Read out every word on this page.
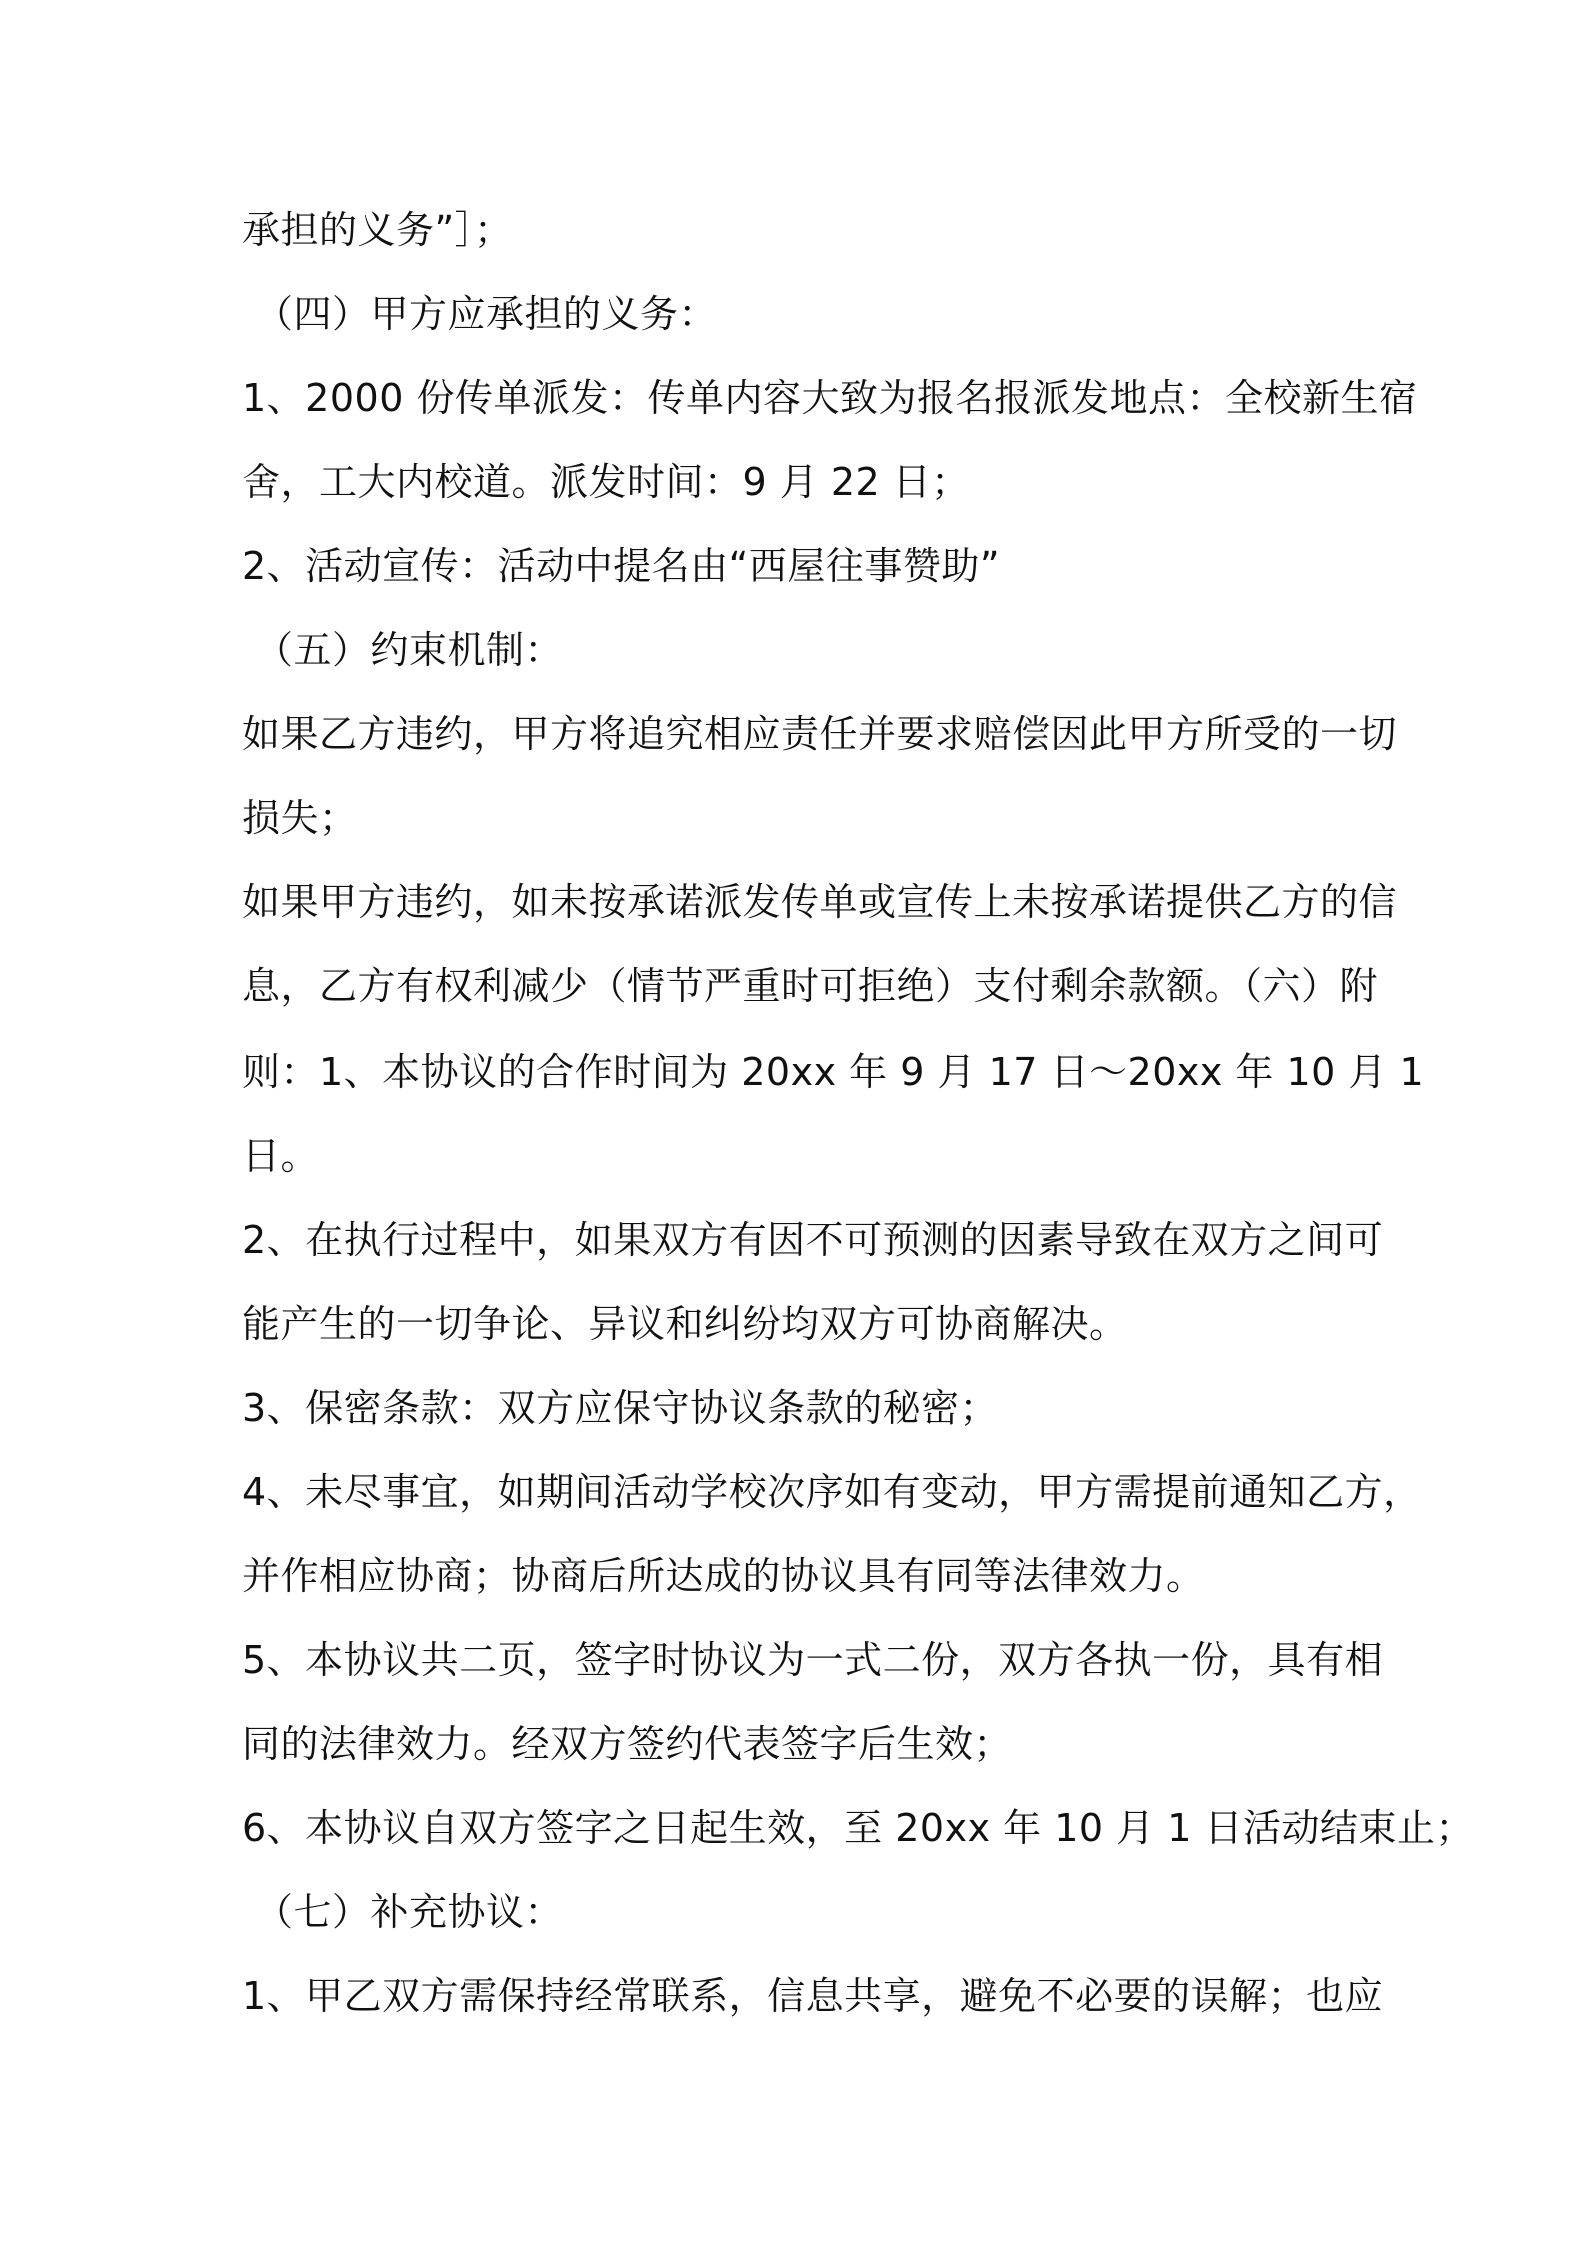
承担的义务”］；

（四）甲方应承担的义务：

1、2000 份传单派发：传单内容大致为报名报派发地点：全校新生宿

舍，工大内校道。派发时间：9 月 22 日；

2、活动宣传：活动中提名由“西屋往事赞助”

（五）约束机制：

如果乙方违约，甲方将追究相应责任并要求赔偿因此甲方所受的一切

损失；

如果甲方违约，如未按承诺派发传单或宣传上未按承诺提供乙方的信

息，乙方有权利减少（情节严重时可拒绝）支付剩余款额。（六）附

则：1、本协议的合作时间为 20xx 年 9 月 17 日～20xx 年 10 月 1

日。

2、在执行过程中，如果双方有因不可预测的因素导致在双方之间可

能产生的一切争论、异议和纠纷均双方可协商解决。

3、保密条款：双方应保守协议条款的秘密；

4、未尽事宜，如期间活动学校次序如有变动，甲方需提前通知乙方，

并作相应协商；协商后所达成的协议具有同等法律效力。

5、本协议共二页，签字时协议为一式二份，双方各执一份，具有相

同的法律效力。经双方签约代表签字后生效；

6、本协议自双方签字之日起生效，至 20xx 年 10 月 1 日活动结束止；

（七）补充协议：

1、甲乙双方需保持经常联系，信息共享，避免不必要的误解；也应
